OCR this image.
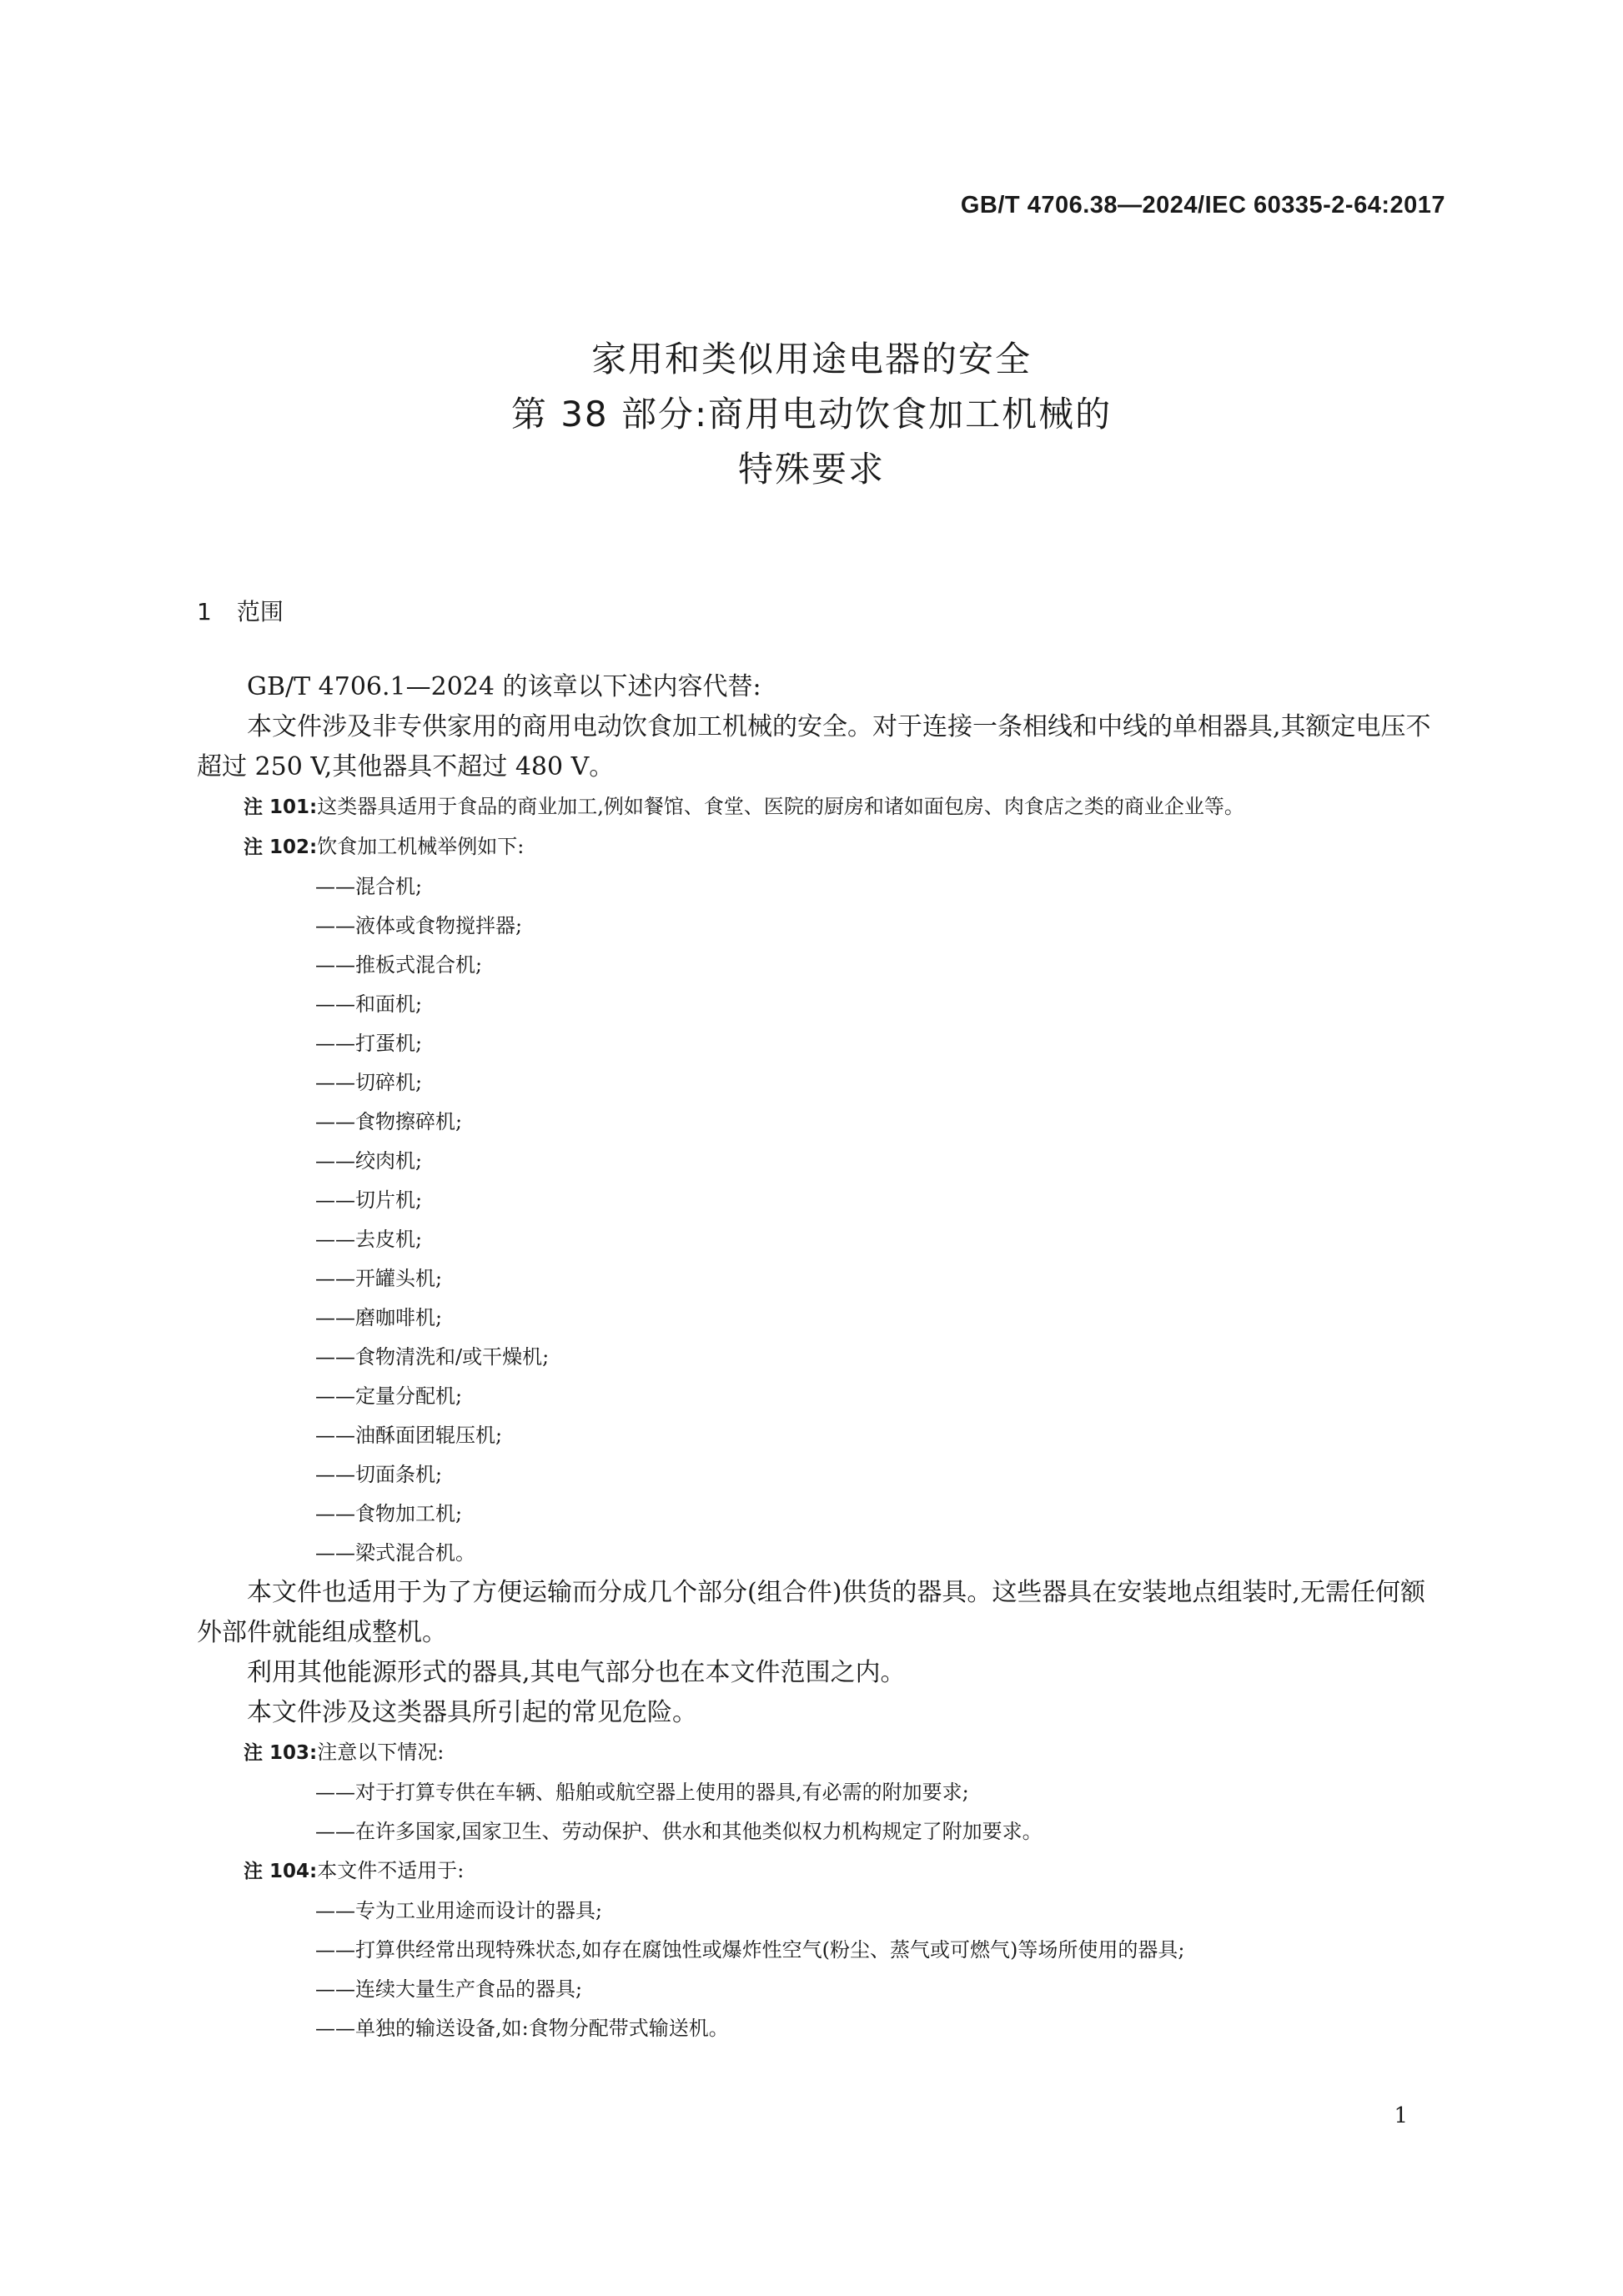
GB/T 4706.38—2024/IEC 60335-2-64:2017
家用和类似用途电器的安全
第 38 部分:商用电动饮食加工机械的
特殊要求
1 范围

GB/T 4706.1—2024 的该章以下述内容代替:

本文件涉及非专供家用的商用电动饮食加工机械的安全。对于连接一条相线和中线的单相器具,其额定电压不超过 250 V,其他器具不超过 480 V。

注 101:这类器具适用于食品的商业加工,例如餐馆、食堂、医院的厨房和诸如面包房、肉食店之类的商业企业等。

注 102:饮食加工机械举例如下:

——混合机;

——液体或食物搅拌器;

——推板式混合机;

——和面机;

——打蛋机;

——切碎机;

——食物擦碎机;

——绞肉机;

——切片机;

——去皮机;

——开罐头机;

——磨咖啡机;

——食物清洗和/或干燥机;

——定量分配机;

——油酥面团辊压机;

——切面条机;

——食物加工机;

——梁式混合机。

本文件也适用于为了方便运输而分成几个部分(组合件)供货的器具。这些器具在安装地点组装时,无需任何额外部件就能组成整机。

利用其他能源形式的器具,其电气部分也在本文件范围之内。

本文件涉及这类器具所引起的常见危险。

注 103:注意以下情况:

——对于打算专供在车辆、船舶或航空器上使用的器具,有必需的附加要求;

——在许多国家,国家卫生、劳动保护、供水和其他类似权力机构规定了附加要求。

注 104:本文件不适用于:

——专为工业用途而设计的器具;

——打算供经常出现特殊状态,如存在腐蚀性或爆炸性空气(粉尘、蒸气或可燃气)等场所使用的器具;

——连续大量生产食品的器具;

——单独的输送设备,如:食物分配带式输送机。

1
